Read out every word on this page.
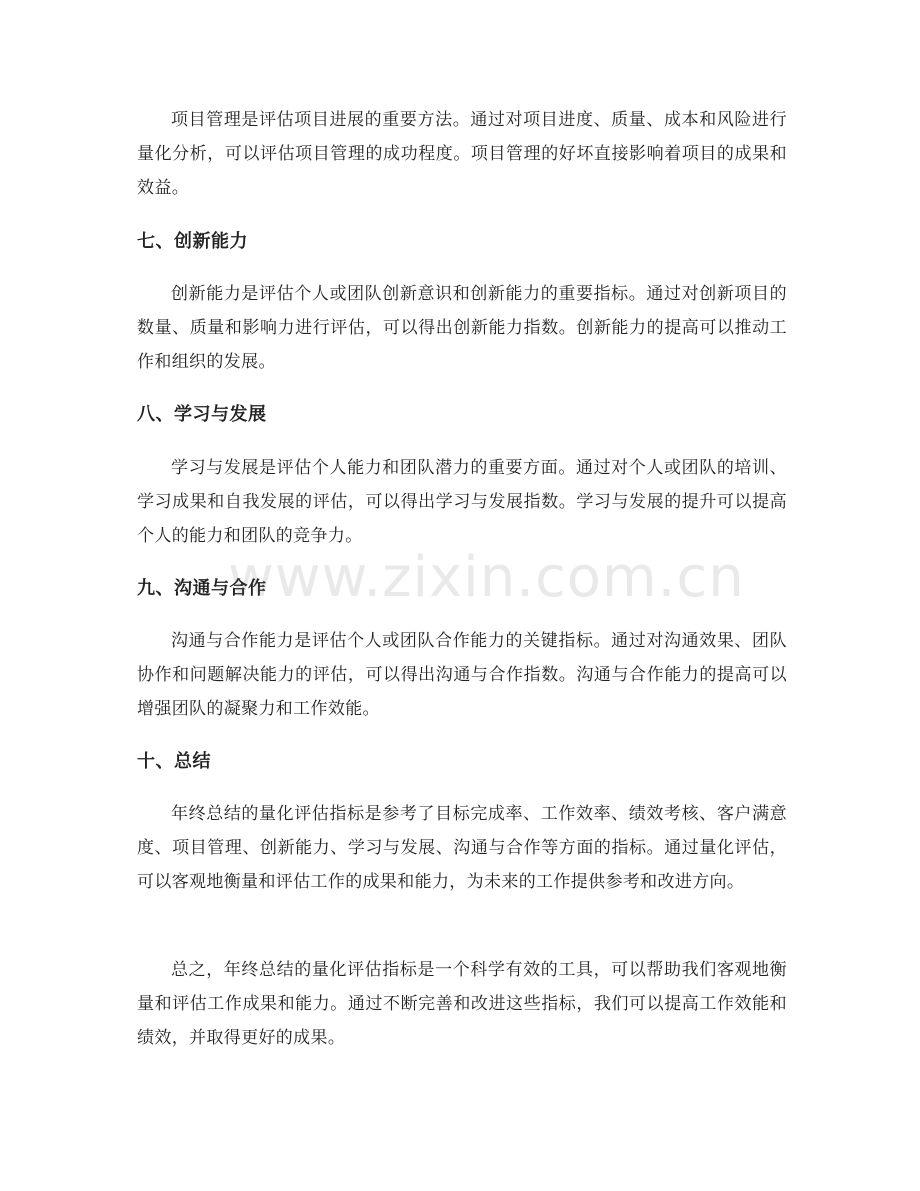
项目管理是评估项目进展的重要方法。通过对项目进度、质量、成本和风险进行量化分析，可以评估项目管理的成功程度。项目管理的好坏直接影响着项目的成果和效益。

七、创新能力

创新能力是评估个人或团队创新意识和创新能力的重要指标。通过对创新项目的数量、质量和影响力进行评估，可以得出创新能力指数。创新能力的提高可以推动工作和组织的发展。

八、学习与发展

学习与发展是评估个人能力和团队潜力的重要方面。通过对个人或团队的培训、学习成果和自我发展的评估，可以得出学习与发展指数。学习与发展的提升可以提高个人的能力和团队的竞争力。

九、沟通与合作

沟通与合作能力是评估个人或团队合作能力的关键指标。通过对沟通效果、团队协作和问题解决能力的评估，可以得出沟通与合作指数。沟通与合作能力的提高可以增强团队的凝聚力和工作效能。

十、总结

年终总结的量化评估指标是参考了目标完成率、工作效率、绩效考核、客户满意度、项目管理、创新能力、学习与发展、沟通与合作等方面的指标。通过量化评估，可以客观地衡量和评估工作的成果和能力，为未来的工作提供参考和改进方向。

总之，年终总结的量化评估指标是一个科学有效的工具，可以帮助我们客观地衡量和评估工作成果和能力。通过不断完善和改进这些指标，我们可以提高工作效能和绩效，并取得更好的成果。

www.zixin.com.cn
